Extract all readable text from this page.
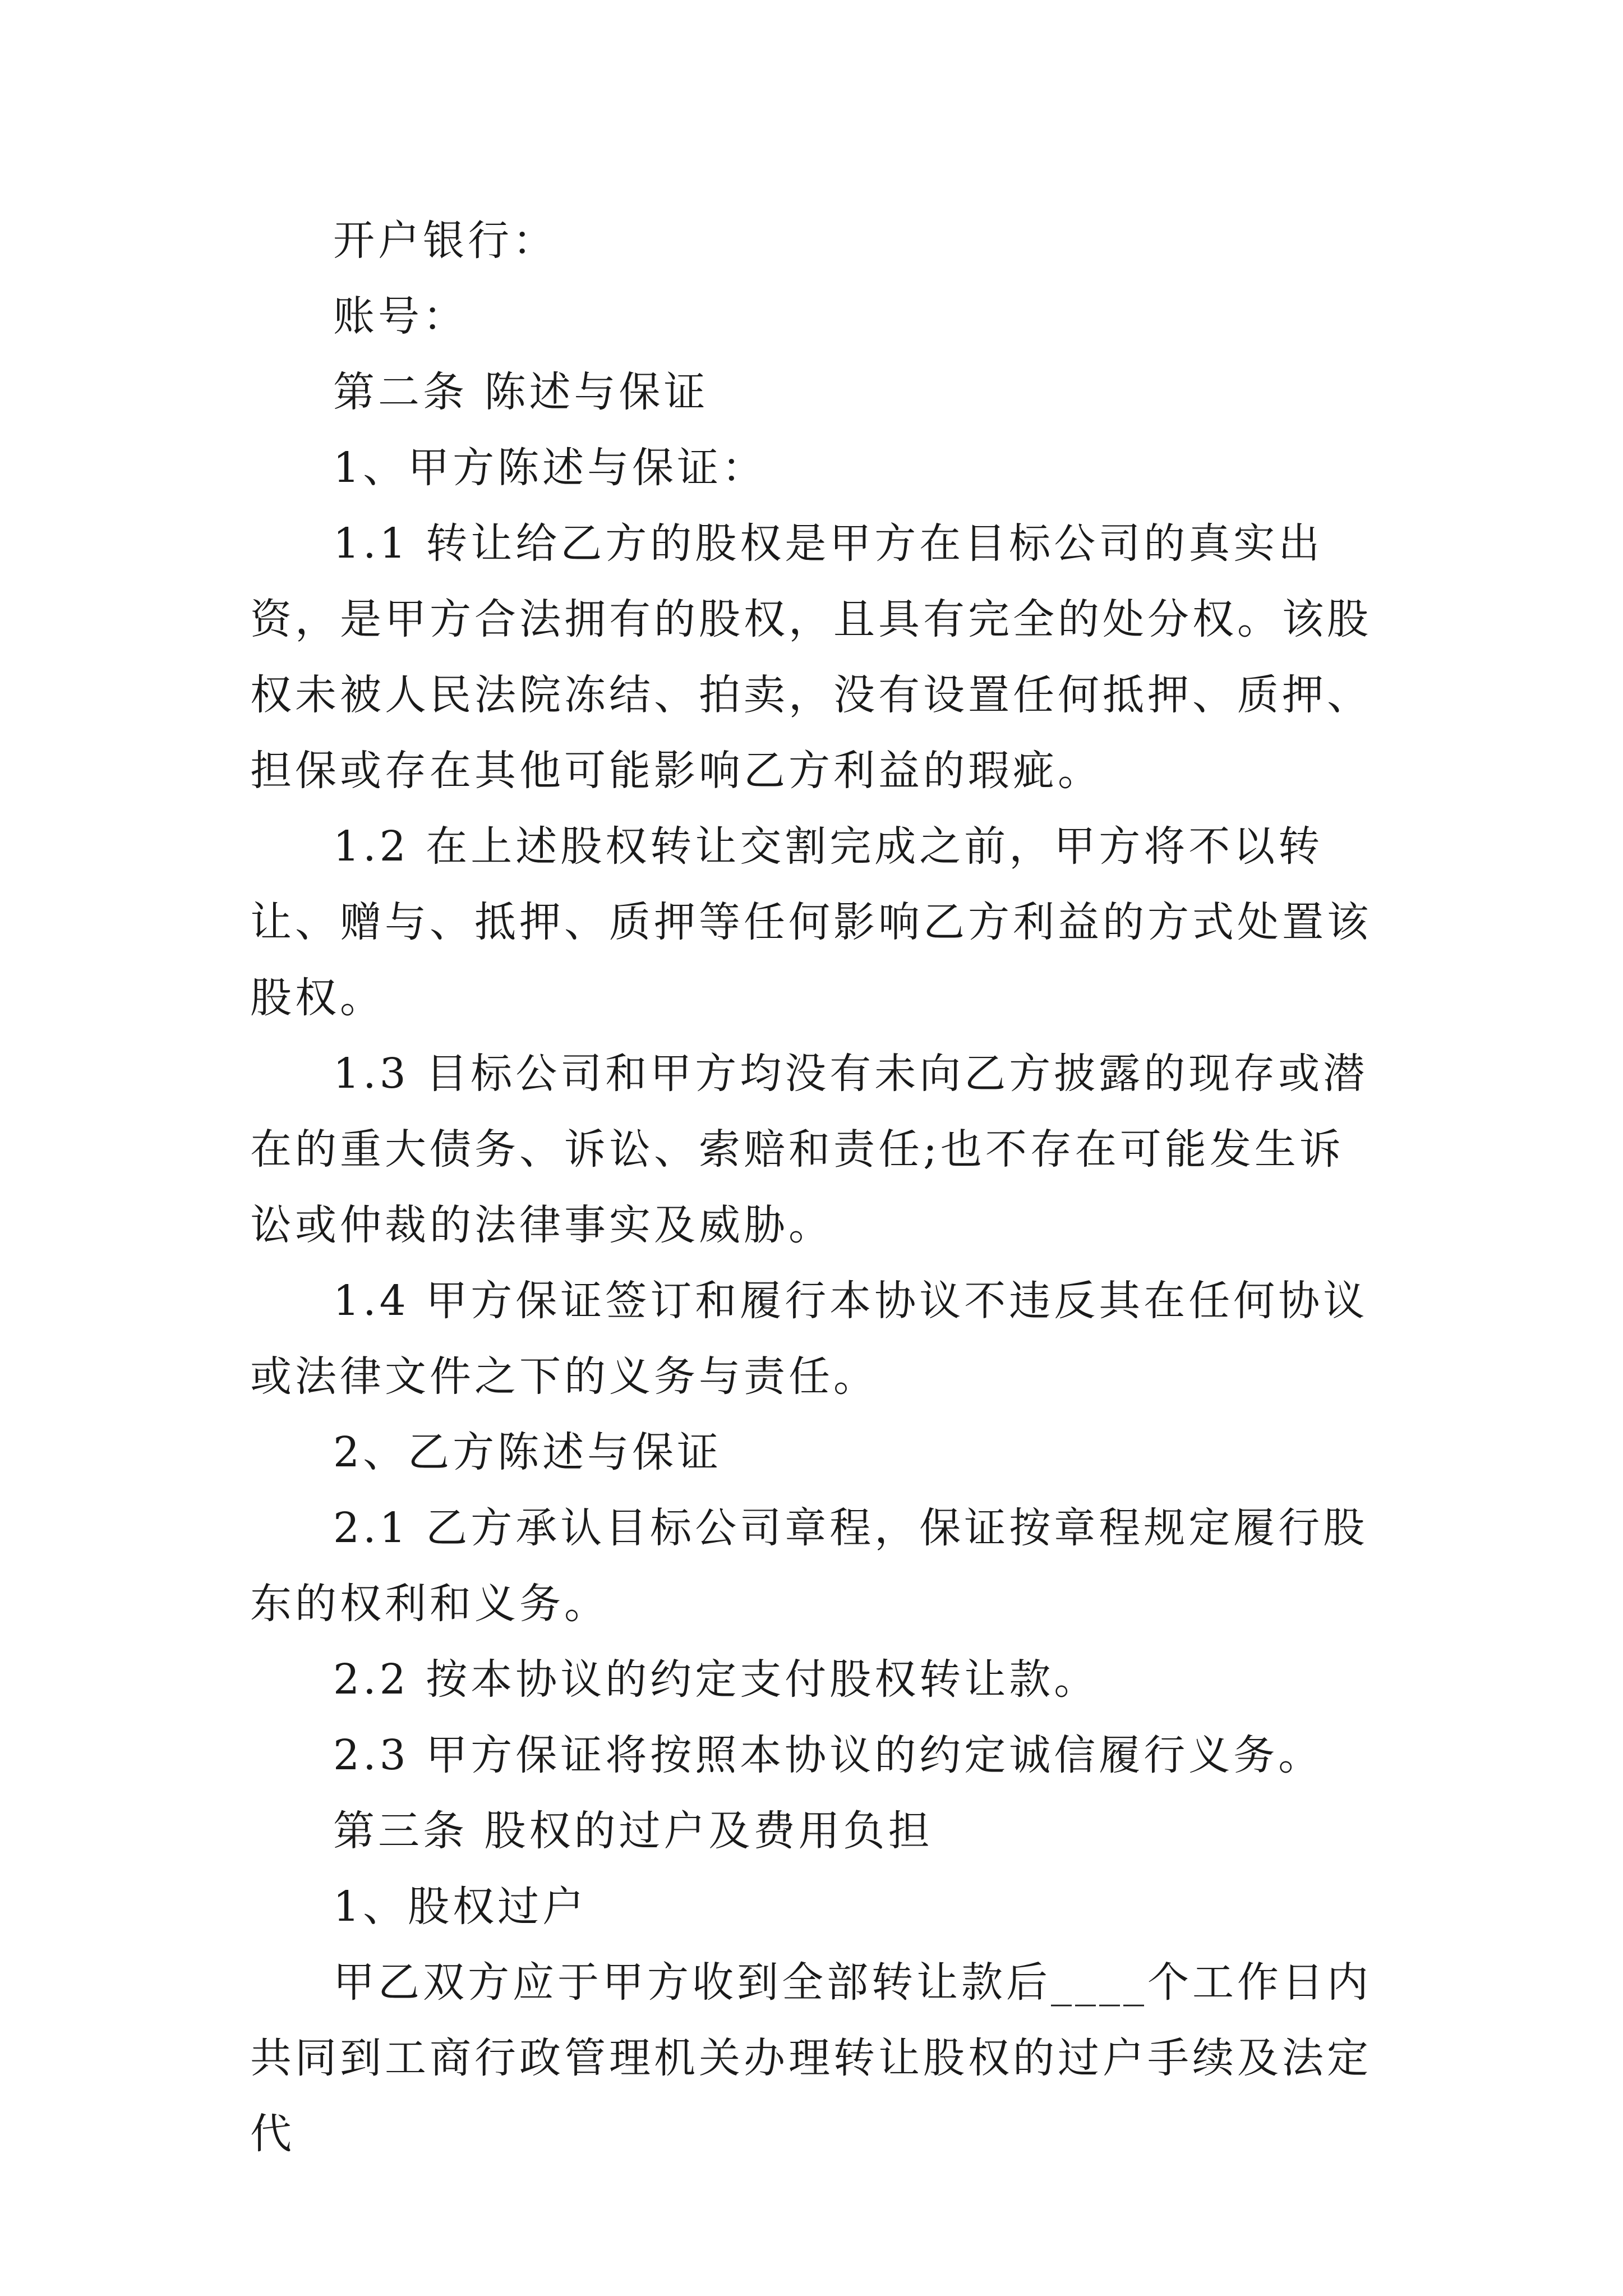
开户银行：

账号：

第二条 陈述与保证

1、甲方陈述与保证：

1.1 转让给乙方的股权是甲方在目标公司的真实出资，是甲方合法拥有的股权，且具有完全的处分权。该股权未被人民法院冻结、拍卖，没有设置任何抵押、质押、担保或存在其他可能影响乙方利益的瑕疵。

1.2 在上述股权转让交割完成之前，甲方将不以转让、赠与、抵押、质押等任何影响乙方利益的方式处置该股权。

1.3 目标公司和甲方均没有未向乙方披露的现存或潜在的重大债务、诉讼、索赔和责任;也不存在可能发生诉讼或仲裁的法律事实及威胁。

1.4 甲方保证签订和履行本协议不违反其在任何协议或法律文件之下的义务与责任。

2、乙方陈述与保证

2.1 乙方承认目标公司章程，保证按章程规定履行股东的权利和义务。

2.2 按本协议的约定支付股权转让款。

2.3 甲方保证将按照本协议的约定诚信履行义务。

第三条 股权的过户及费用负担

1、股权过户

甲乙双方应于甲方收到全部转让款后____个工作日内共同到工商行政管理机关办理转让股权的过户手续及法定代
